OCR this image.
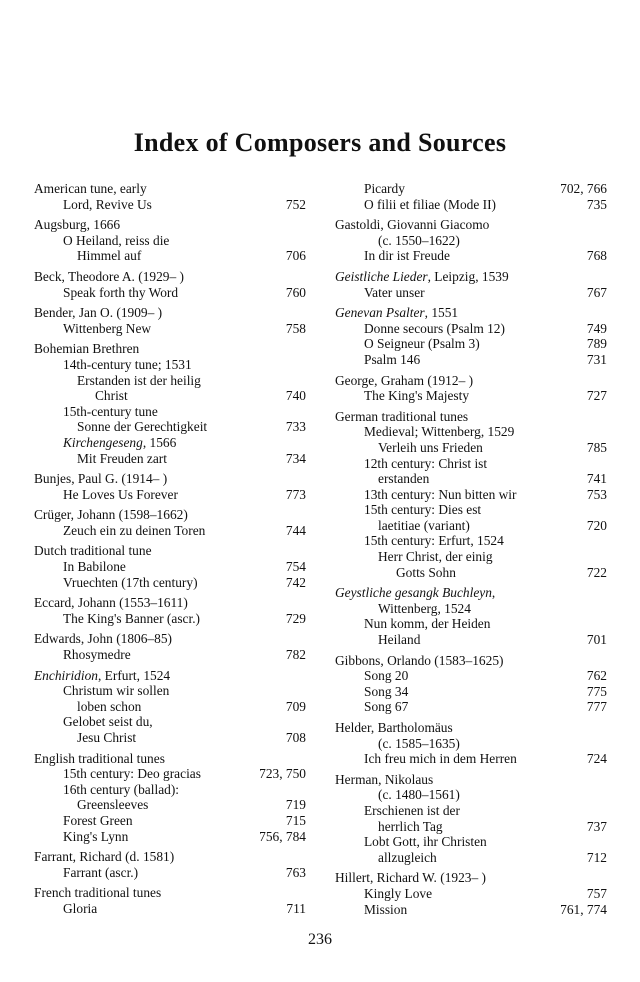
Index of Composers and Sources
American tune, early
Lord, Revive Us	752
Augsburg, 1666
O Heiland, reiss die
Himmel auf	706
Beck, Theodore A. (1929– )
Speak forth thy Word	760
Bender, Jan O. (1909– )
Wittenberg New	758
Bohemian Brethren
14th-century tune; 1531
Erstanden ist der heilig
Christ	740
15th-century tune
Sonne der Gerechtigkeit	733
Kirchengeseng, 1566
Mit Freuden zart	734
Bunjes, Paul G. (1914– )
He Loves Us Forever	773
Crüger, Johann (1598–1662)
Zeuch ein zu deinen Toren	744
Dutch traditional tune
In Babilone	754
Vruechten (17th century)	742
Eccard, Johann (1553–1611)
The King's Banner (ascr.)	729
Edwards, John (1806–85)
Rhosymedre	782
Enchiridion, Erfurt, 1524
Christum wir sollen
loben schon	709
Gelobet seist du,
Jesu Christ	708
English traditional tunes
15th century: Deo gracias	723, 750
16th century (ballad):
Greensleeves	719
Forest Green	715
King's Lynn	756, 784
Farrant, Richard (d. 1581)
Farrant (ascr.)	763
French traditional tunes
Gloria	711
Picardy	702, 766
O filii et filiae (Mode II)	735
Gastoldi, Giovanni Giacomo
(c. 1550–1622)
In dir ist Freude	768
Geistliche Lieder, Leipzig, 1539
Vater unser	767
Genevan Psalter, 1551
Donne secours (Psalm 12)	749
O Seigneur (Psalm 3)	789
Psalm 146	731
George, Graham (1912– )
The King's Majesty	727
German traditional tunes
Medieval; Wittenberg, 1529
Verleih uns Frieden	785
12th century: Christ ist
erstanden	741
13th century: Nun bitten wir	753
15th century: Dies est
laetitiae (variant)	720
15th century: Erfurt, 1524
Herr Christ, der einig
Gotts Sohn	722
Geystliche gesangk Buchleyn,
Wittenberg, 1524
Nun komm, der Heiden
Heiland	701
Gibbons, Orlando (1583–1625)
Song 20	762
Song 34	775
Song 67	777
Helder, Bartholomäus
(c. 1585–1635)
Ich freu mich in dem Herren	724
Herman, Nikolaus
(c. 1480–1561)
Erschienen ist der
herrlich Tag	737
Lobt Gott, ihr Christen
allzugleich	712
Hillert, Richard W. (1923– )
Kingly Love	757
Mission	761, 774
236
